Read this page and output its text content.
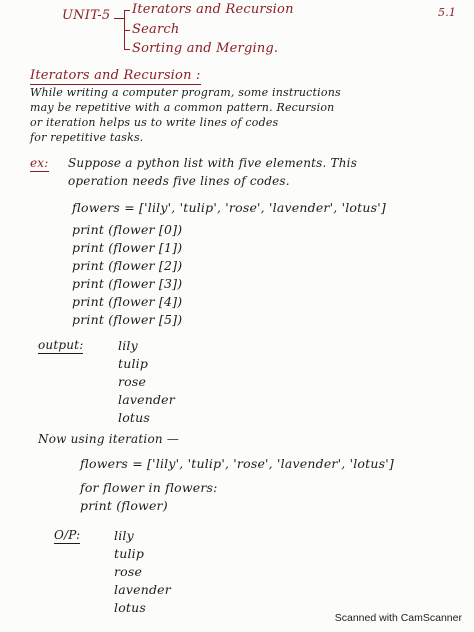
5.1
UNIT-5 Iterators and Recursion
Search
Sorting and Merging.
Iterators and Recursion :
While writing a computer program, some instructions
may be repetitive with a common pattern. Recursion
or iteration helps us to write lines of codes
for repetitive tasks.
ex: Suppose a python list with five elements. This
operation needs five lines of codes.
flowers = ['lily', 'tulip', 'rose', 'lavender', 'lotus']
print (flower [0])
print (flower [1])
print (flower [2])
print (flower [3])
print (flower [4])
print (flower [5])
output:	lily
tulip
rose
lavender
lotus
Now using iteration —
flowers = ['lily', 'tulip', 'rose', 'lavender', 'lotus']
for flower in flowers:
print (flower)
O/P:	lily
tulip
rose
lavender
lotus
Scanned with CamScanner
